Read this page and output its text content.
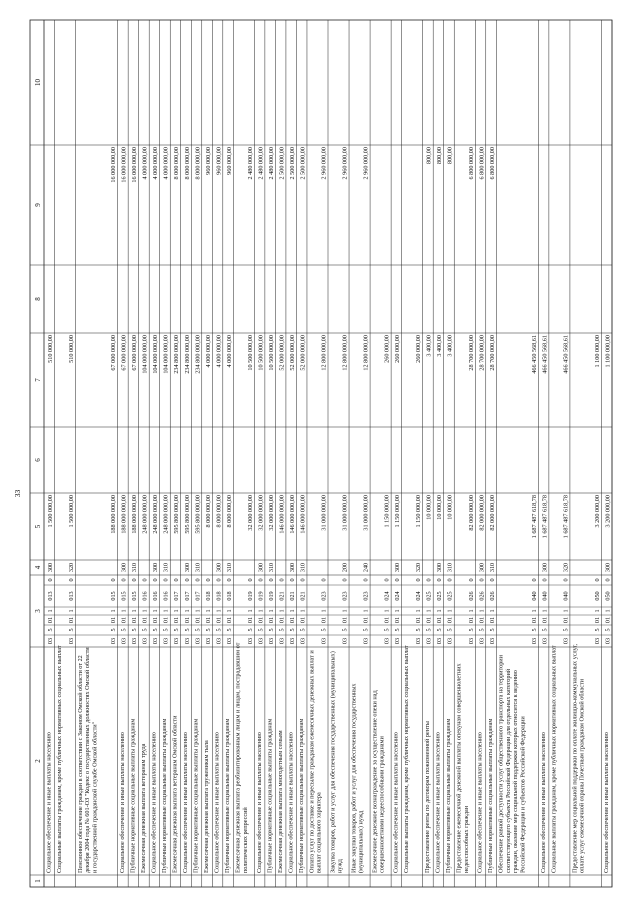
33
1
2
3
4
5
6
7
8
9
10
Социальное обеспечение и иные выплаты населению
03
5
01
1
013
0
300
1 500 000,00
510 000,00
Социальные выплаты гражданам, кроме публичных нормативных социальных выплат
03
5
01
1
013
0
320
1 500 000,00
510 000,00
Пенсионное обеспечение граждан в соответствии с Законом Омской области от 22 декабря 2004 года № 601-ОЗ "Кодекс о государственных должностях Омской области и государственной гражданской службе Омской области"
03
5
01
1
015
0
188 000 000,00
67 000 000,00
16 000 000,00
Социальное обеспечение и иные выплаты населению
03
5
01
1
015
0
300
188 000 000,00
67 000 000,00
16 000 000,00
Публичные нормативные социальные выплаты гражданам
03
5
01
1
015
0
310
188 000 000,00
67 000 000,00
16 000 000,00
Ежемесячная денежная выплата ветеранам труда
03
5
01
1
016
0
248 000 000,00
104 000 000,00
4 000 000,00
Социальное обеспечение и иные выплаты населению
03
5
01
1
016
0
300
248 000 000,00
104 000 000,00
4 000 000,00
Публичные нормативные социальные выплаты гражданам
03
5
01
1
016
0
310
248 000 000,00
104 000 000,00
4 000 000,00
Ежемесячная денежная выплата ветеранам Омской области
03
5
01
1
017
0
595 800 000,00
234 800 000,00
8 000 000,00
Социальное обеспечение и иные выплаты населению
03
5
01
1
017
0
300
595 800 000,00
234 800 000,00
8 000 000,00
Публичные нормативные социальные выплаты гражданам
03
5
01
1
017
0
310
595 800 000,00
234 800 000,00
8 000 000,00
Ежемесячная денежная выплата труженикам тыла
03
5
01
1
018
0
8 000 000,00
4 000 000,00
960 000,00
Социальное обеспечение и иные выплаты населению
03
5
01
1
018
0
300
8 000 000,00
4 000 000,00
960 000,00
Публичные нормативные социальные выплаты гражданам
03
5
01
1
018
0
310
8 000 000,00
4 000 000,00
960 000,00
Ежемесячная денежная выплата реабилитированным лицам и лицам, пострадавшим от политических репрессий
03
5
01
1
019
0
32 000 000,00
10 500 000,00
2 480 000,00
Социальное обеспечение и иные выплаты населению
03
5
01
1
019
0
300
32 000 000,00
10 500 000,00
2 480 000,00
Публичные нормативные социальные выплаты гражданам
03
5
01
1
019
0
310
32 000 000,00
10 500 000,00
2 480 000,00
Ежемесячная денежная выплата многодетным семьям
03
5
01
1
021
0
146 000 000,00
52 000 000,00
2 500 000,00
Социальное обеспечение и иные выплаты населению
03
5
01
1
021
0
300
146 000 000,00
52 000 000,00
2 500 000,00
Публичные нормативные социальные выплаты гражданам
03
5
01
1
021
0
310
146 000 000,00
52 000 000,00
2 500 000,00
Оплата услуг по доставке и пересылке гражданам ежемесячных денежных выплат и выплат социального характера
03
5
01
1
023
0
31 000 000,00
12 800 000,00
2 960 000,00
Закупка товаров, работ и услуг для обеспечения государственных (муниципальных) нужд
03
5
01
1
023
0
200
31 000 000,00
12 800 000,00
2 960 000,00
Иные закупки товаров, работ и услуг для обеспечения государственных (муниципальных) нужд
03
5
01
1
023
0
240
31 000 000,00
12 800 000,00
2 960 000,00
Ежемесячное денежное вознаграждение за осуществление опеки над совершеннолетними недееспособными гражданами
03
5
01
1
024
0
1 150 000,00
260 000,00
Социальное обеспечение и иные выплаты населению
03
5
01
1
024
0
300
1 150 000,00
260 000,00
Социальные выплаты гражданам, кроме публичных нормативных социальных выплат
03
5
01
1
024
0
320
1 150 000,00
260 000,00
Предоставление ренты по договорам пожизненной ренты
03
5
01
1
025
0
10 000,00
3 400,00
800,00
Социальное обеспечение и иные выплаты населению
03
5
01
1
025
0
300
10 000,00
3 400,00
800,00
Публичные нормативные социальные выплаты гражданам
03
5
01
1
025
0
310
10 000,00
3 400,00
800,00
Предоставление ежемесячной денежной выплаты опекунам совершеннолетних недееспособных граждан
03
5
01
1
026
0
82 000 000,00
28 700 000,00
6 800 000,00
Социальное обеспечение и иные выплаты населению
03
5
01
1
026
0
300
82 000 000,00
28 700 000,00
6 800 000,00
Публичные нормативные социальные выплаты гражданам
03
5
01
1
026
0
310
82 000 000,00
28 700 000,00
6 800 000,00
Обеспечение равной доступности услуг общественного транспорта на территории соответствующего субъекта Российской Федерации для отдельных категорий граждан, оказание мер социальной поддержки которых относится к ведению Российской Федерации и субъектов Российской Федерации
03
5
01
1
040
0
1 687 487 618,78
466 450 568,61
Социальное обеспечение и иные выплаты населению
03
5
01
1
040
0
300
1 687 487 618,78
466 450 568,61
Социальные выплаты гражданам, кроме публичных нормативных социальных выплат
03
5
01
1
040
0
320
1 687 487 618,78
466 450 568,61
Предоставление мер социальной поддержки по оплате жилищно-коммунальных услуг, оплате услуг ежемесячной охраны Почетным гражданам Омской области
03
5
01
1
050
0
3 200 000,00
1 100 000,00
Социальное обеспечение и иные выплаты населению
03
5
01
1
050
0
300
3 200 000,00
1 100 000,00
